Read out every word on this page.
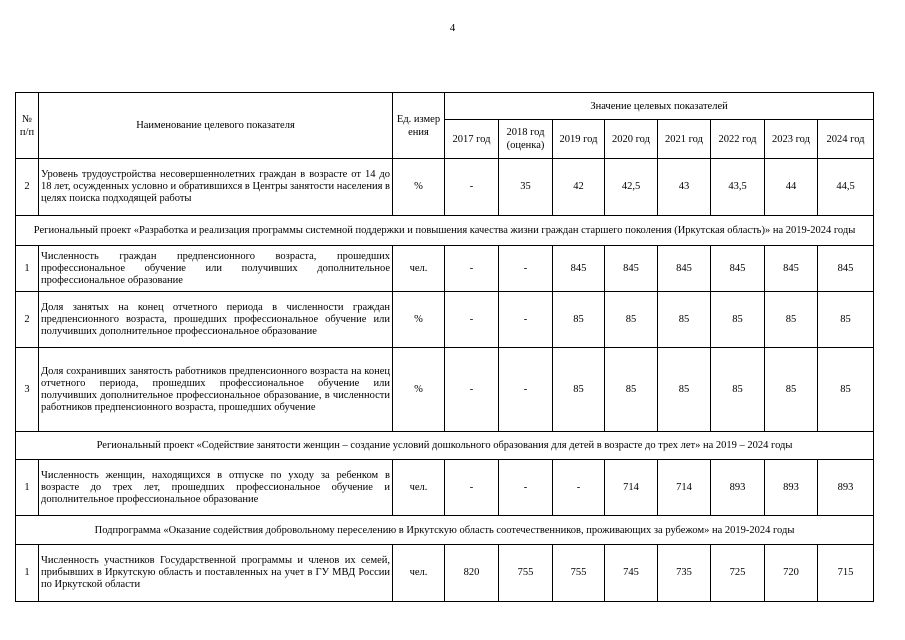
4
№ п/п	Наименование целевого показателя	Ед. измер ения	Значение целевых показателей							
			2017 год	2018 год (оценка)	2019 год	2020 год	2021 год	2022 год	2023 год	2024 год
2	Уровень трудоустройства несовершеннолетних граждан в возрасте от 14 до 18 лет, осужденных условно и обратившихся в Центры занятости населения в целях поиска подходящей работы	%	-	35	42	42,5	43	43,5	44	44,5
Региональный проект «Разработка и реализация программы системной поддержки и повышения качества жизни граждан старшего поколения (Иркутская область)» на 2019-2024 годы										
1	Численность граждан предпенсионного возраста, прошедших профессиональное обучение или получивших дополнительное профессиональное образование	чел.	-	-	845	845	845	845	845	845
2	Доля занятых на конец отчетного периода в численности граждан предпенсионного возраста, прошедших профессиональное обучение или получивших дополнительное профессиональное образование	%	-	-	85	85	85	85	85	85
3	Доля сохранивших занятость работников предпенсионного возраста на конец отчетного периода, прошедших профессиональное обучение или получивших дополнительное профессиональное образование, в численности работников предпенсионного возраста, прошедших обучение	%	-	-	85	85	85	85	85	85
Региональный проект «Содействие занятости женщин – создание условий дошкольного образования для детей в возрасте до трех лет» на 2019 – 2024 годы										
1	Численность женщин, находящихся в отпуске по уходу за ребенком в возрасте до трех лет, прошедших профессиональное обучение и дополнительное профессиональное образование	чел.	-	-	-	714	714	893	893	893
Подпрограмма «Оказание содействия добровольному переселению в Иркутскую область соотечественников, проживающих за рубежом» на 2019-2024 годы										
1	Численность участников Государственной программы и членов их семей, прибывших в Иркутскую область и поставленных на учет в ГУ МВД России по Иркутской области	чел.	820	755	755	745	735	725	720	715
